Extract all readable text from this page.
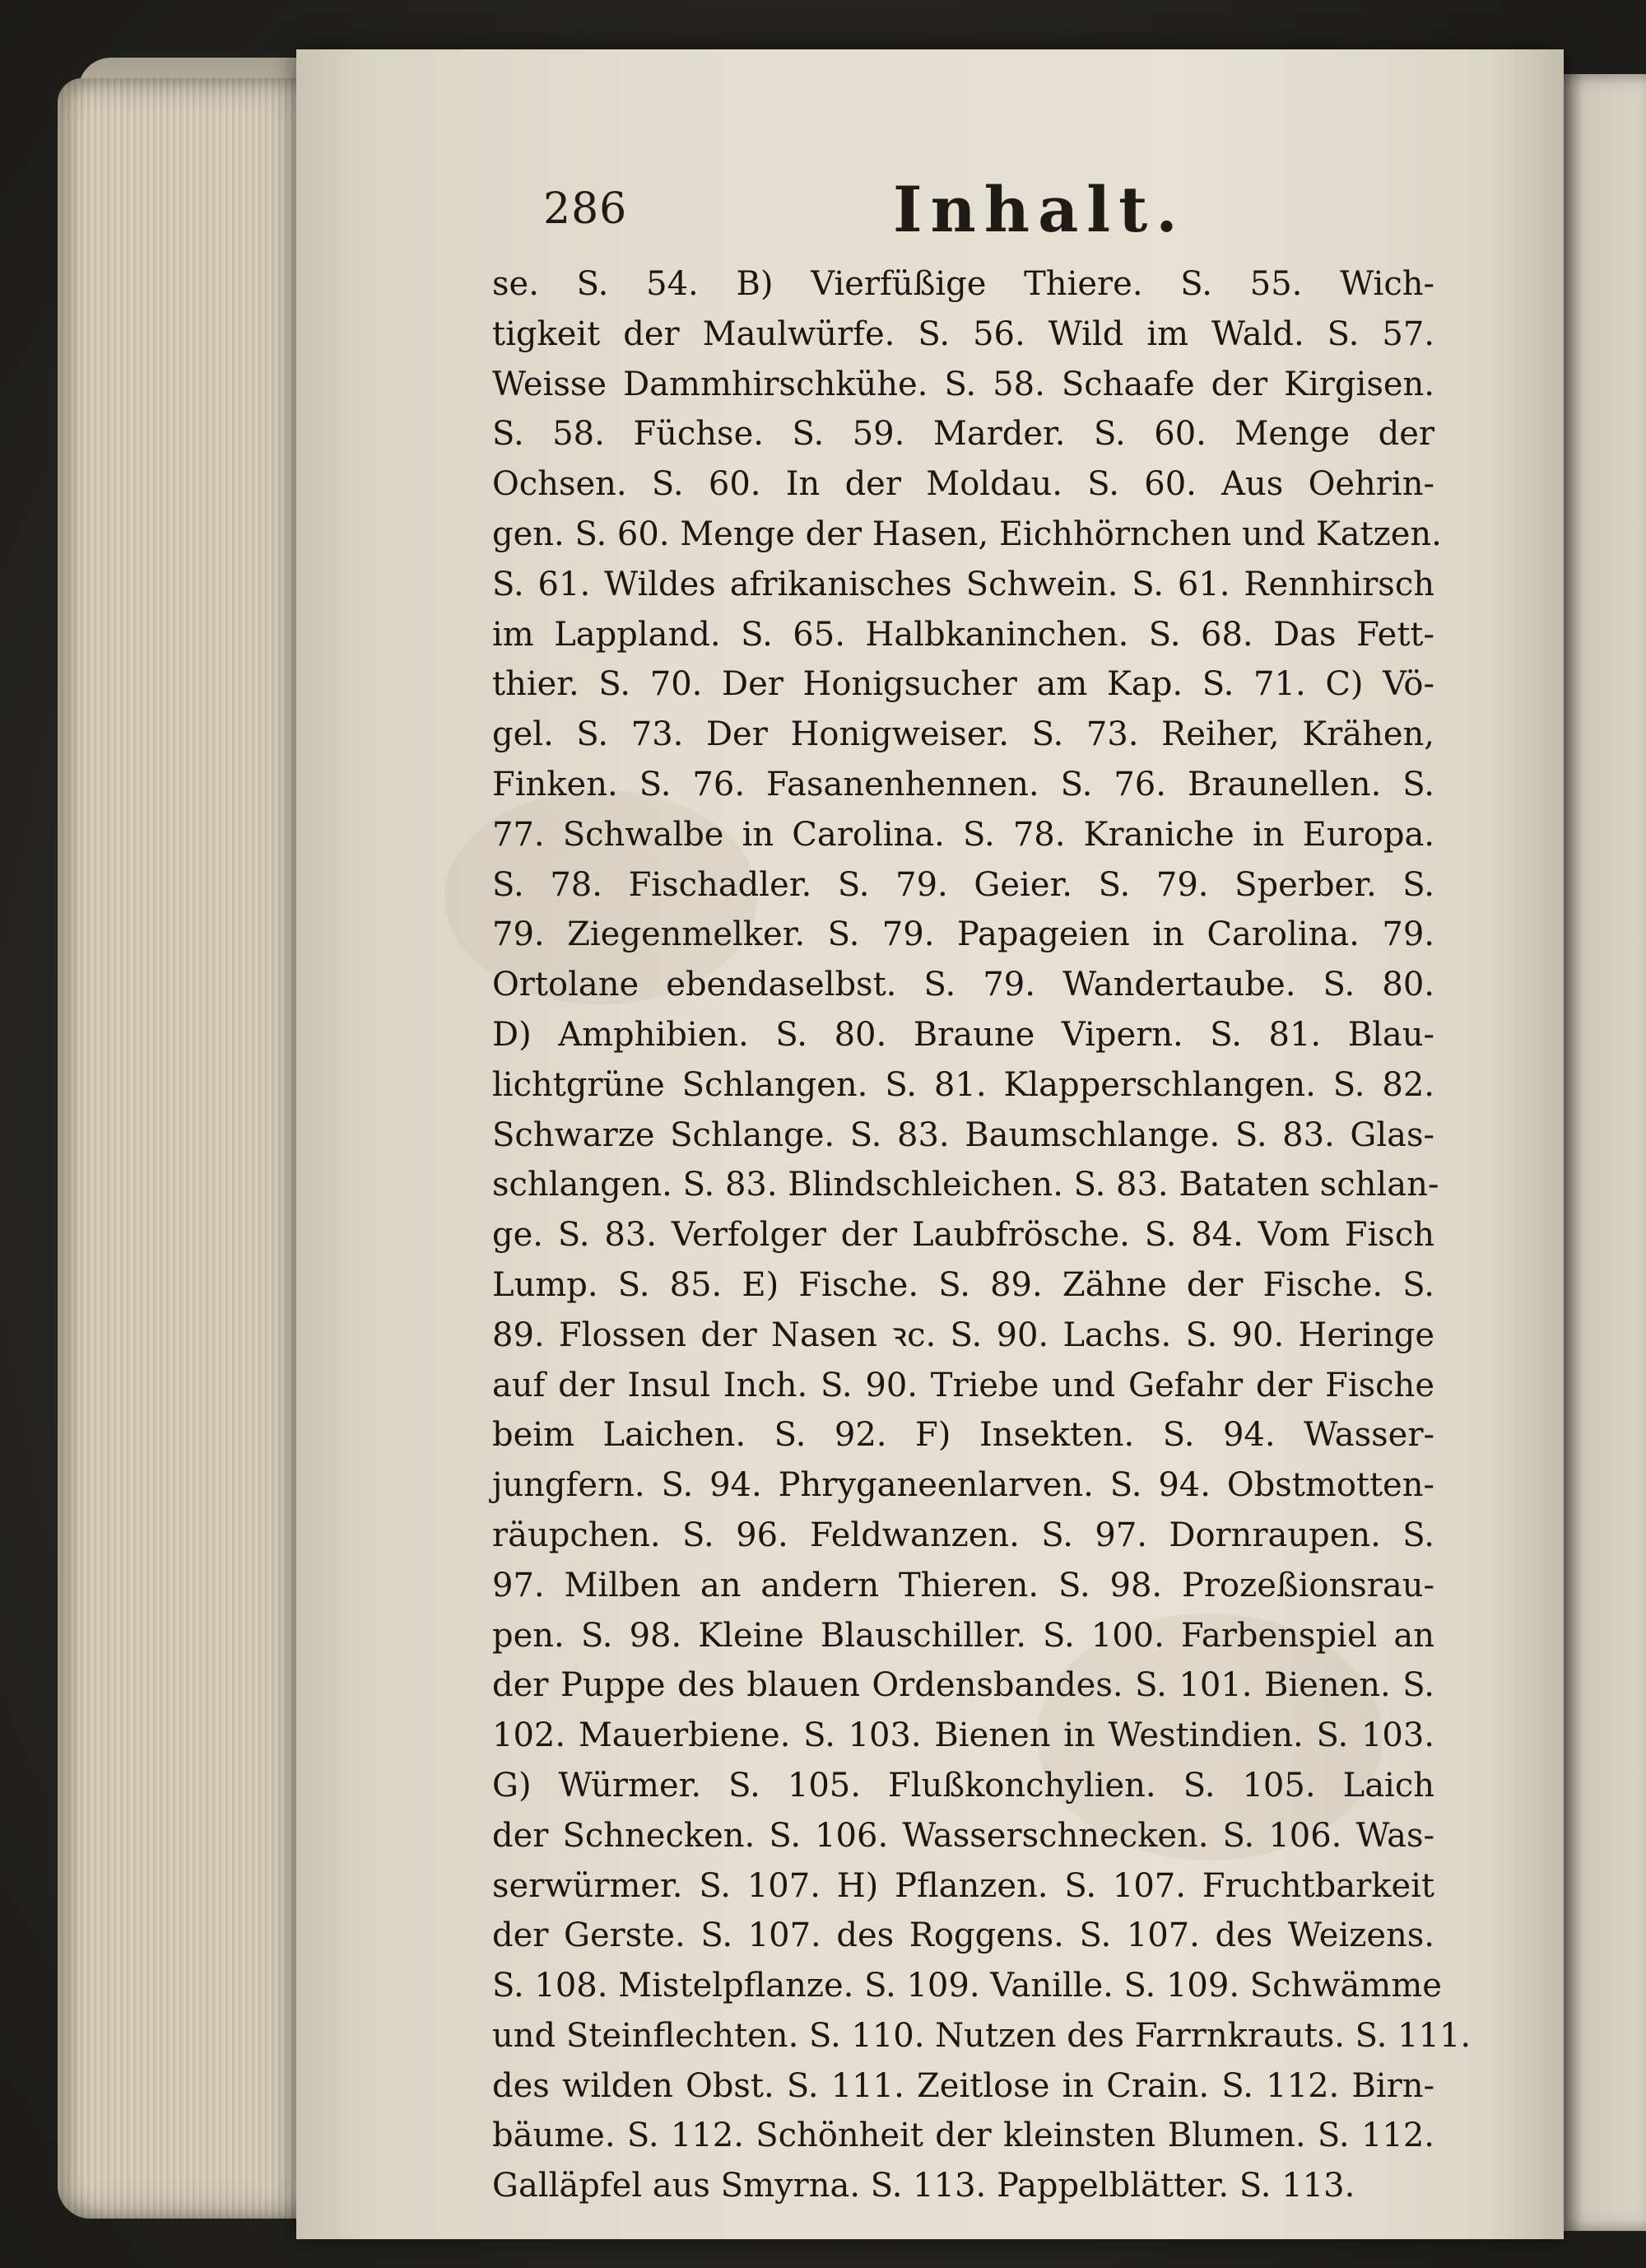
286	Inhalt.
se. S. 54. B) Vierfüßige Thiere. S. 55. Wich-
tigkeit der Maulwürfe. S. 56. Wild im Wald. S. 57.
Weisse Dammhirschkühe. S. 58. Schaafe der Kirgisen.
S. 58. Füchse. S. 59. Marder. S. 60. Menge der
Ochsen. S. 60. In der Moldau. S. 60. Aus Oehrin-
gen. S. 60. Menge der Hasen, Eichhörnchen und Katzen.
S. 61. Wildes afrikanisches Schwein. S. 61. Rennhirsch
im Lappland. S. 65. Halbkaninchen. S. 68. Das Fett-
thier. S. 70. Der Honigsucher am Kap. S. 71. C) Vö-
gel. S. 73. Der Honigweiser. S. 73. Reiher, Krähen,
Finken. S. 76. Fasanenhennen. S. 76. Braunellen. S.
77. Schwalbe in Carolina. S. 78. Kraniche in Europa.
S. 78. Fischadler. S. 79. Geier. S. 79. Sperber. S.
79. Ziegenmelker. S. 79. Papageien in Carolina. 79.
Ortolane ebendaselbst. S. 79. Wandertaube. S. 80.
D) Amphibien. S. 80. Braune Vipern. S. 81. Blau-
lichtgrüne Schlangen. S. 81. Klapperschlangen. S. 82.
Schwarze Schlange. S. 83. Baumschlange. S. 83. Glas-
schlangen. S. 83. Blindschleichen. S. 83. Bataten schlan-
ge. S. 83. Verfolger der Laubfrösche. S. 84. Vom Fisch
Lump. S. 85. E) Fische. S. 89. Zähne der Fische. S.
89. Flossen der Nasen ꝛc. S. 90. Lachs. S. 90. Heringe
auf der Insul Inch. S. 90. Triebe und Gefahr der Fische
beim Laichen. S. 92. F) Insekten. S. 94. Wasser-
jungfern. S. 94. Phryganeenlarven. S. 94. Obstmotten-
räupchen. S. 96. Feldwanzen. S. 97. Dornraupen. S.
97. Milben an andern Thieren. S. 98. Prozeßionsrau-
pen. S. 98. Kleine Blauschiller. S. 100. Farbenspiel an
der Puppe des blauen Ordensbandes. S. 101. Bienen. S.
102. Mauerbiene. S. 103. Bienen in Westindien. S. 103.
G) Würmer. S. 105. Flußkonchylien. S. 105. Laich
der Schnecken. S. 106. Wasserschnecken. S. 106. Was-
serwürmer. S. 107. H) Pflanzen. S. 107. Fruchtbarkeit
der Gerste. S. 107. des Roggens. S. 107. des Weizens.
S. 108. Mistelpflanze. S. 109. Vanille. S. 109. Schwämme
und Steinflechten. S. 110. Nutzen des Farrnkrauts. S. 111.
des wilden Obst. S. 111. Zeitlose in Crain. S. 112. Birn-
bäume. S. 112. Schönheit der kleinsten Blumen. S. 112.
Galläpfel aus Smyrna. S. 113. Pappelblätter. S. 113.
